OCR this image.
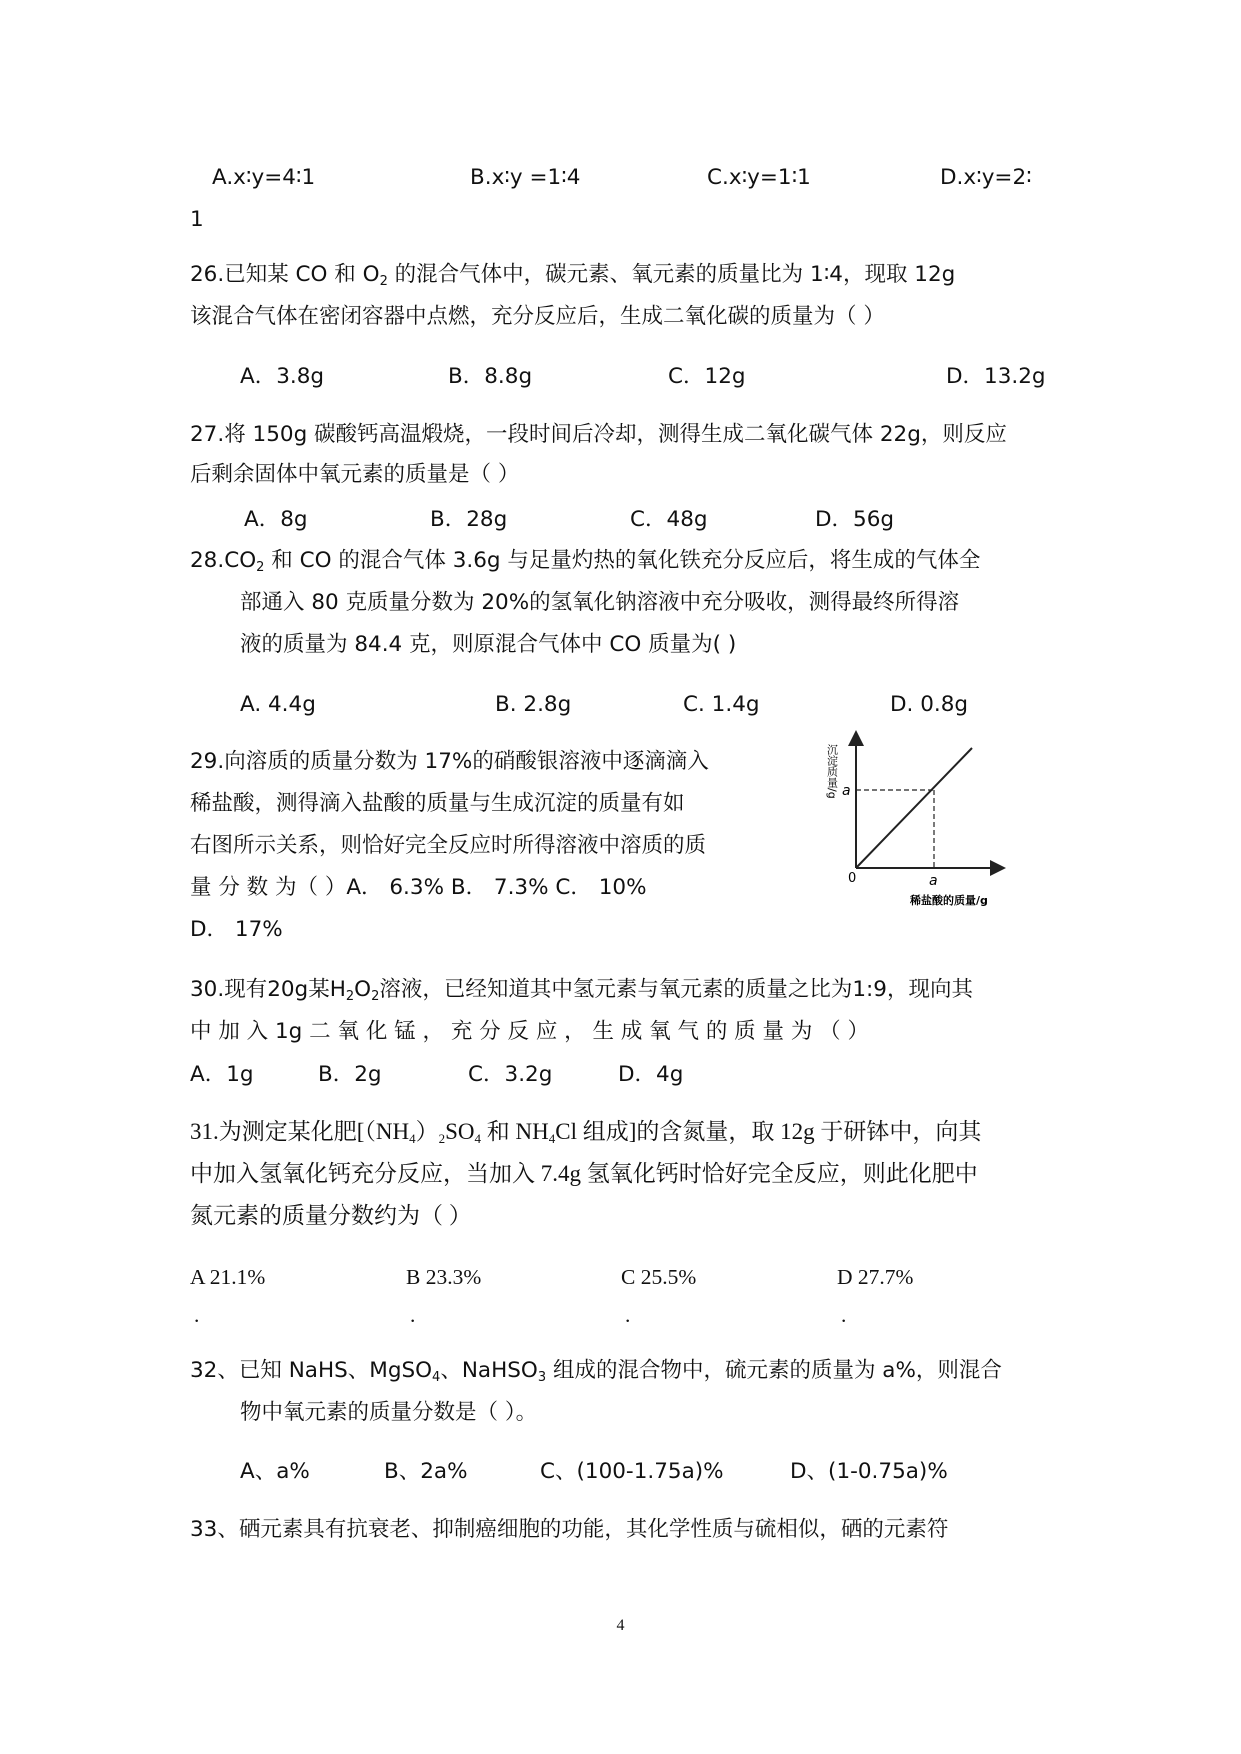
A.x∶y=4∶1	B.x∶y =1∶4	C.x∶y=1∶1	D.x∶y=2∶
1
26.已知某 CO 和 $O_2$ 的混合气体中，碳元素、氧元素的质量比为 1∶4，现取 12g
该混合气体在密闭容器中点燃，充分反应后，生成二氧化碳的质量为（ ）
A．3.8g	B．8.8g	C．12g	D．13.2g
27.将 150g 碳酸钙高温煅烧，一段时间后冷却，测得生成二氧化碳气体 22g，则反应
后剩余固体中氧元素的质量是（ ）
A．8g	B．28g	C．48g	D．56g
$28.CO_2$ 和 CO 的混合气体 3.6g 与足量灼热的氧化铁充分反应后，将生成的气体全
部通入 80 克质量分数为 20%的氢氧化钠溶液中充分吸收，测得最终所得溶
液的质量为 84.4 克，则原混合气体中 CO 质量为( )
A. 4.4g	B. 2.8g	C. 1.4g	D. 0.8g
29.向溶质的质量分数为 17%的硝酸银溶液中逐滴滴入
稀盐酸，测得滴入盐酸的质量与生成沉淀的质量有如
右图所示关系，则恰好完全反应时所得溶液中溶质的质
量 分 数 为（ ）A． 6.3% B． 7.3% C． 10%
D． 17%
沉淀质量/g a
a
0
稀盐酸的质量/g
30.现有20g某$H_2O_2$溶液，已经知道其中氢元素与氧元素的质量之比为1:9，现向其
中 加 入 1g 二 氧 化 锰 ， 充 分 反 应 ， 生 成 氧 气 的 质 量 为 （ ）
A．1g	B．2g	C．3.2g	D．4g
31.为测定某化肥[$(NH_4)_2SO_4$ 和 $NH_4Cl$ 组成]的含氮量，取 12g 于研钵中，向其
中加入氢氧化钙充分反应，当加入 7.4g 氢氧化钙时恰好完全反应，则此化肥中
氮元素的质量分数约为（ ）
A 21.1%	B 23.3%	C 25.5%	D 27.7%
.	.	.	.
32、已知 NaHS、MgSO$_4$、NaHSO$_3$ 组成的混合物中，硫元素的质量为 a%，则混合
物中氧元素的质量分数是（ ）。
A、a%	B、2a%	C、(100-1.75a)%	D、(1-0.75a)%
33、硒元素具有抗衰老、抑制癌细胞的功能，其化学性质与硫相似，硒的元素符
4
